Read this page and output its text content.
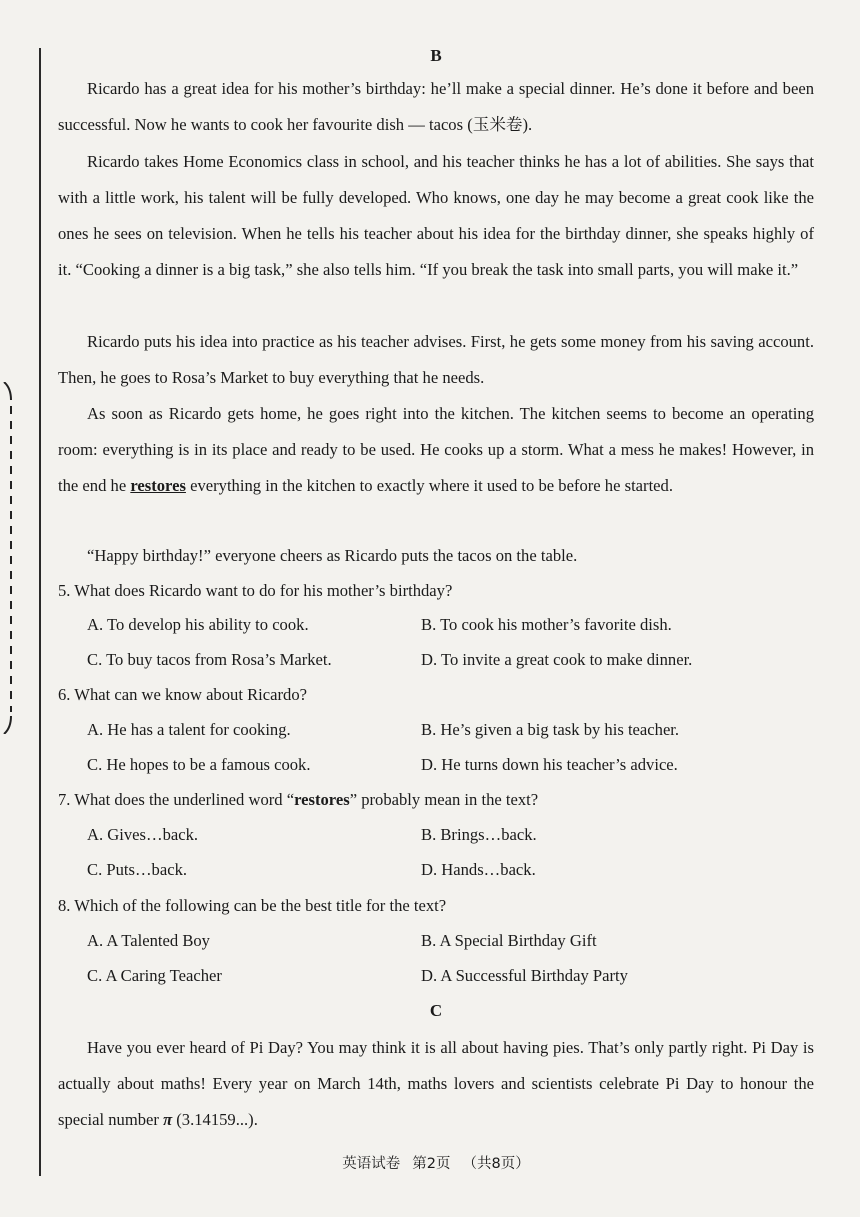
B
Ricardo has a great idea for his mother’s birthday: he’ll make a special dinner. He’s done it before and been successful. Now he wants to cook her favourite dish — tacos (玉米卷).
Ricardo takes Home Economics class in school, and his teacher thinks he has a lot of abilities. She says that with a little work, his talent will be fully developed. Who knows, one day he may become a great cook like the ones he sees on television. When he tells his teacher about his idea for the birthday dinner, she speaks highly of it. “Cooking a dinner is a big task,” she also tells him. “If you break the task into small parts, you will make it.”
Ricardo puts his idea into practice as his teacher advises. First, he gets some money from his saving account. Then, he goes to Rosa’s Market to buy everything that he needs.
As soon as Ricardo gets home, he goes right into the kitchen. The kitchen seems to become an operating room: everything is in its place and ready to be used. He cooks up a storm. What a mess he makes! However, in the end he restores everything in the kitchen to exactly where it used to be before he started.
“Happy birthday!” everyone cheers as Ricardo puts the tacos on the table.
5. What does Ricardo want to do for his mother’s birthday?
A. To develop his ability to cook.	B. To cook his mother’s favorite dish.
C. To buy tacos from Rosa’s Market.	D. To invite a great cook to make dinner.
6. What can we know about Ricardo?
A. He has a talent for cooking.	B. He’s given a big task by his teacher.
C. He hopes to be a famous cook.	D. He turns down his teacher’s advice.
7. What does the underlined word “restores” probably mean in the text?
A. Gives…back.	B. Brings…back.
C. Puts…back.	D. Hands…back.
8. Which of the following can be the best title for the text?
A. A Talented Boy	B. A Special Birthday Gift
C. A Caring Teacher	D. A Successful Birthday Party
C
Have you ever heard of Pi Day? You may think it is all about having pies. That’s only partly right. Pi Day is actually about maths! Every year on March 14th, maths lovers and scientists celebrate Pi Day to honour the special number π (3.14159...).
英语试卷 第2页 （共8页）
